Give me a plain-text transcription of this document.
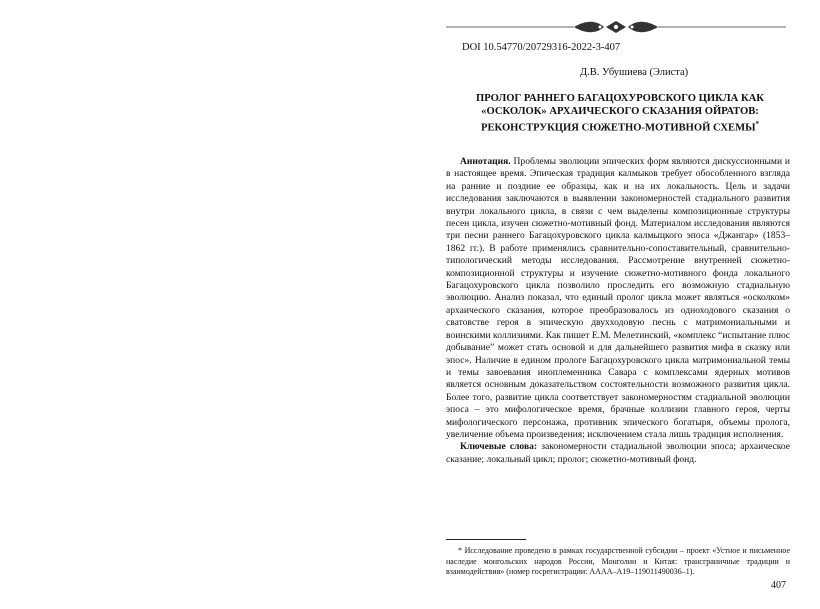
DOI 10.54770/20729316-2022-3-407
Д.В. Убушиева (Элиста)
ПРОЛОГ РАННЕГО БАГАЦОХУРОВСКОГО ЦИКЛА КАК
«ОСКОЛОК» АРХАИЧЕСКОГО СКАЗАНИЯ ОЙРАТОВ:
РЕКОНСТРУКЦИЯ СЮЖЕТНО-МОТИВНОЙ СХЕМЫ*

Аннотация. Проблемы эволюции эпических форм являются дискуссионными и в настоящее время. Эпическая традиция калмыков требует обособленного взгляда на ранние и поздние ее образцы, как и на их локальность. Цель и задачи исследования заключаются в выявлении закономерностей стадиального развития внутри локального цикла, в связи с чем выделены композиционные структуры песен цикла, изучен сюжетно-мотивный фонд. Материалом исследования являются три песни раннего Багацохуровского цикла калмыцкого эпоса «Джангар» (1853–1862 гг.). В работе применялись сравнительно-сопоставительный, сравнительно-типологический методы исследования. Рассмотрение внутренней сюжетно-композиционной структуры и изучение сюжетно-мотивного фонда локального Багацохуровского цикла позволило проследить его возможную стадиальную эволюцию. Анализ показал, что единый пролог цикла может являться «осколком» архаического сказания, которое преобразовалось из одноходового сказания о сватовстве героя в эпическую двухходовую песнь с матримониальными и воинскими коллизиями. Как пишет Е.М. Мелетинский, «комплекс “испытание плюс добывание” может стать основой и для дальнейшего развития мифа в сказку или эпос». Наличие в едином прологе Багацохуровского цикла матримониальной темы и темы завоевания иноплеменника Савара с комплексами ядерных мотивов является основным доказательством состоятельности возможного развития цикла. Более того, развитие цикла соответствует закономерностям стадиальной эволюции эпоса – это мифологическое время, брачные коллизии главного героя, черты мифологического персонажа, противник эпического богатыря, объемы пролога, увеличение объема произведения; исключением стала лишь традиция исполнения.

Ключевые слова: закономерности стадиальной эволюции эпоса; архаическое сказание; локальный цикл; пролог; сюжетно-мотивный фонд.

* Исследование проведено в рамках государственной субсидии – проект «Устное и письменное наследие монгольских народов России, Монголии и Китая: трансграничные традиции и взаимодействия» (номер госрегистрации: АААА–А19–119011490036–1).
407
